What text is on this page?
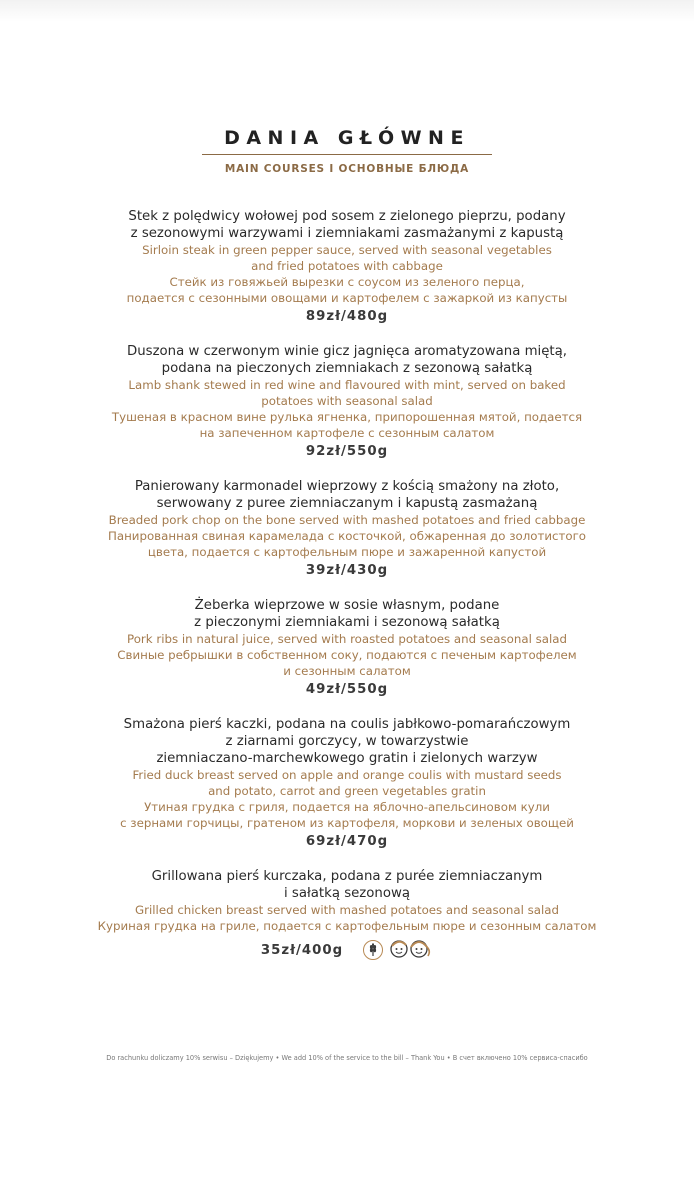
DANIA GŁÓWNE
MAIN COURSES I ОСНОВНЫЕ БЛЮДА
Stek z polędwicy wołowej pod sosem z zielonego pieprzu, podany
z sezonowymi warzywami i ziemniakami zasmażanymi z kapustą
Sirloin steak in green pepper sauce, served with seasonal vegetables
and fried potatoes with cabbage
Стейк из говяжьей вырезки с соусом из зеленого перца,
подается с сезонными овощами и картофелем с зажаркой из капусты
89zł/480g
Duszona w czerwonym winie gicz jagnięca aromatyzowana miętą,
podana na pieczonych ziemniakach z sezonową sałatką
Lamb shank stewed in red wine and flavoured with mint, served on baked
potatoes with seasonal salad
Тушеная в красном вине рулька ягненка, припорошенная мятой, подается
на запеченном картофеле с сезонным салатом
92zł/550g
Panierowany karmonadel wieprzowy z kością smażony na złoto,
serwowany z puree ziemniaczanym i kapustą zasmażaną
Breaded pork chop on the bone served with mashed potatoes and fried cabbage
Панированная свиная карамелада с косточкой, обжаренная до золотистого
цвета, подается с картофельным пюре и зажаренной капустой
39zł/430g
Żeberka wieprzowe w sosie własnym, podane
z pieczonymi ziemniakami i sezonową sałatką
Pork ribs in natural juice, served with roasted potatoes and seasonal salad
Свиные ребрышки в собственном соку, подаются с печеным картофелем
и сезонным салатом
49zł/550g
Smażona pierś kaczki, podana na coulis jabłkowo-pomarańczowym
z ziarnami gorczycy, w towarzystwie
ziemniaczano-marchewkowego gratin i zielonych warzyw
Fried duck breast served on apple and orange coulis with mustard seeds
and potato, carrot and green vegetables gratin
Утиная грудка с гриля, подается на яблочно-апельсиновом кули
с зернами горчицы, гратеном из картофеля, моркови и зеленых овощей
69zł/470g
Grillowana pierś kurczaka, podana z purée ziemniaczanym
i sałatką sezonową
Grilled chicken breast served with mashed potatoes and seasonal salad
Куриная грудка на гриле, подается с картофельным пюре и сезонным салатом
35zł/400g
Do rachunku doliczamy 10% serwisu – Dziękujemy • We add 10% of the service to the bill – Thank You • В счет включено 10% сервиса-спасибо
